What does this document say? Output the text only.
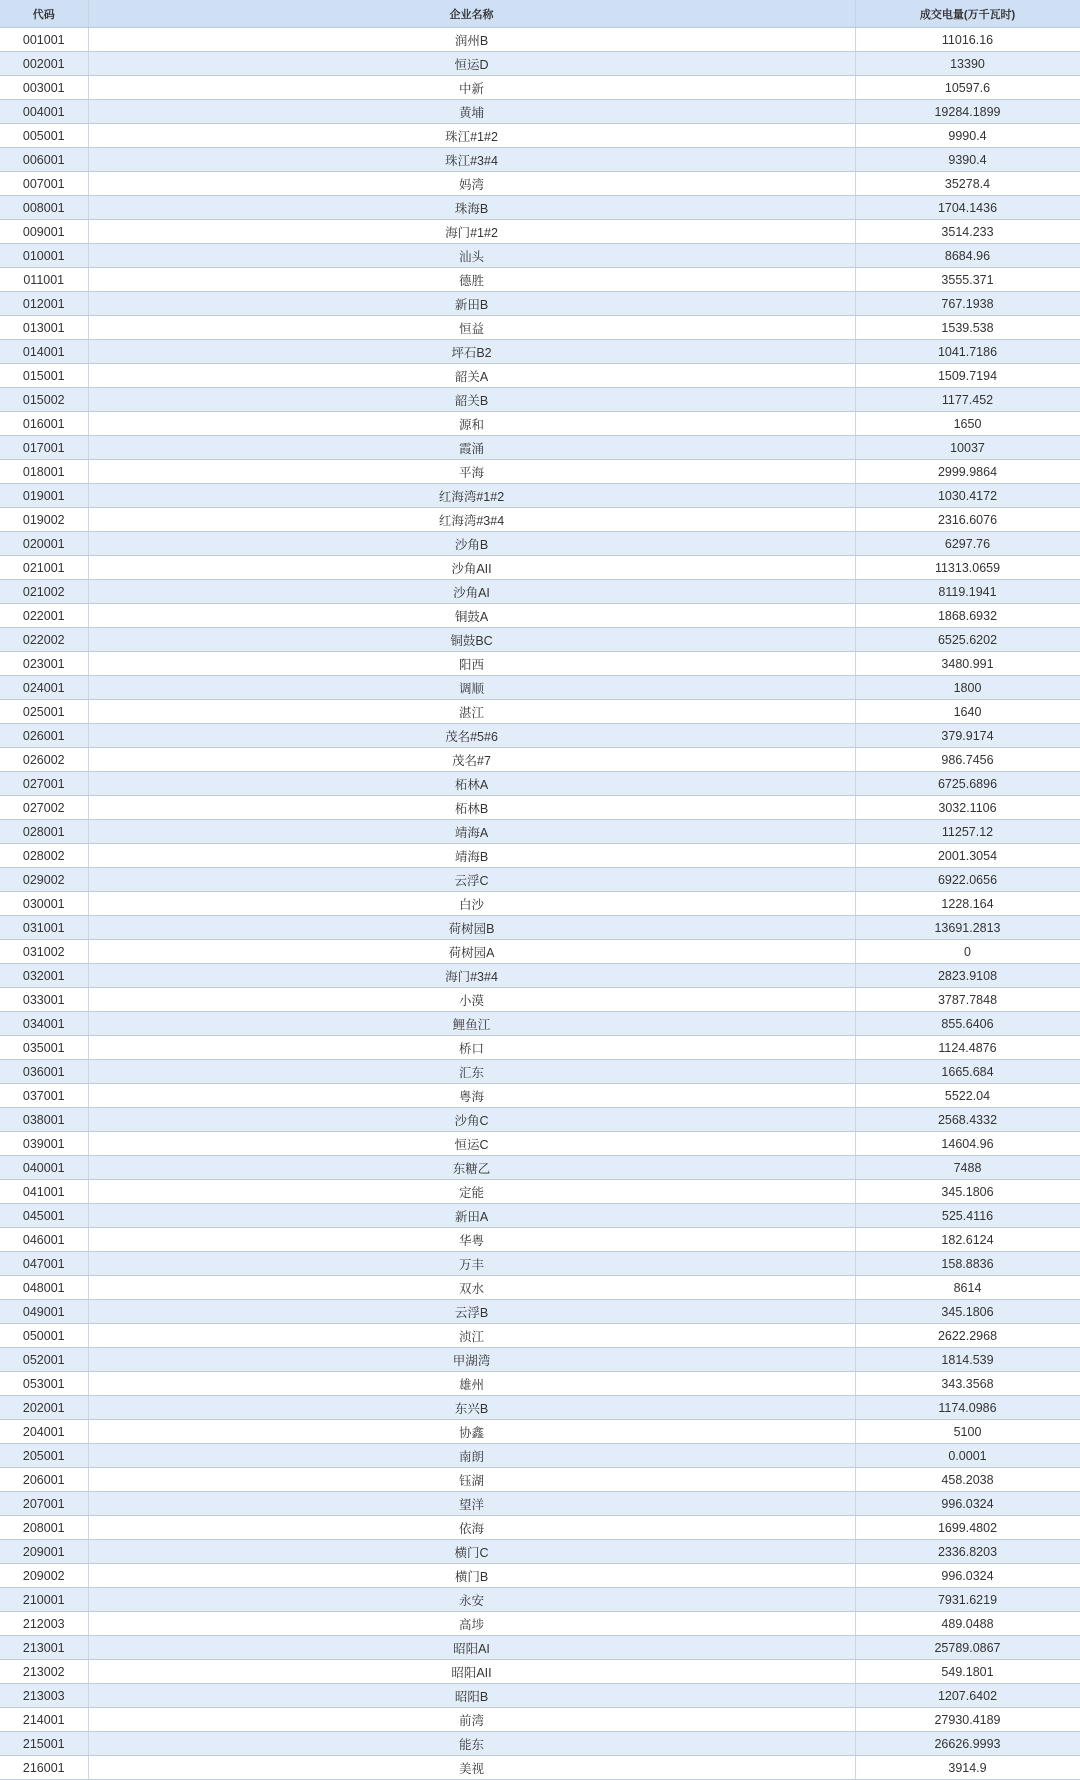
代码	企业名称	成交电量(万千瓦时)
001001	润州B	11016.16
002001	恒运D	13390
003001	中新	10597.6
004001	黄埔	19284.1899
005001	珠江#1#2	9990.4
006001	珠江#3#4	9390.4
007001	妈湾	35278.4
008001	珠海B	1704.1436
009001	海门#1#2	3514.233
010001	汕头	8684.96
011001	德胜	3555.371
012001	新田B	767.1938
013001	恒益	1539.538
014001	坪石B2	1041.7186
015001	韶关A	1509.7194
015002	韶关B	1177.452
016001	源和	1650
017001	霞涌	10037
018001	平海	2999.9864
019001	红海湾#1#2	1030.4172
019002	红海湾#3#4	2316.6076
020001	沙角B	6297.76
021001	沙角AII	11313.0659
021002	沙角AI	8119.1941
022001	铜鼓A	1868.6932
022002	铜鼓BC	6525.6202
023001	阳西	3480.991
024001	调顺	1800
025001	湛江	1640
026001	茂名#5#6	379.9174
026002	茂名#7	986.7456
027001	柘林A	6725.6896
027002	柘林B	3032.1106
028001	靖海A	11257.12
028002	靖海B	2001.3054
029002	云浮C	6922.0656
030001	白沙	1228.164
031001	荷树园B	13691.2813
031002	荷树园A	0
032001	海门#3#4	2823.9108
033001	小漠	3787.7848
034001	鲤鱼江	855.6406
035001	桥口	1124.4876
036001	汇东	1665.684
037001	粤海	5522.04
038001	沙角C	2568.4332
039001	恒运C	14604.96
040001	东糖乙	7488
041001	定能	345.1806
045001	新田A	525.4116
046001	华粤	182.6124
047001	万丰	158.8836
048001	双水	8614
049001	云浮B	345.1806
050001	浈江	2622.2968
052001	甲湖湾	1814.539
053001	雄州	343.3568
202001	东兴B	1174.0986
204001	协鑫	5100
205001	南朗	0.0001
206001	钰湖	458.2038
207001	望洋	996.0324
208001	依海	1699.4802
209001	横门C	2336.8203
209002	横门B	996.0324
210001	永安	7931.6219
212003	高埗	489.0488
213001	昭阳AI	25789.0867
213002	昭阳AII	549.1801
213003	昭阳B	1207.6402
214001	前湾	27930.4189
215001	能东	26626.9993
216001	美视	3914.9
